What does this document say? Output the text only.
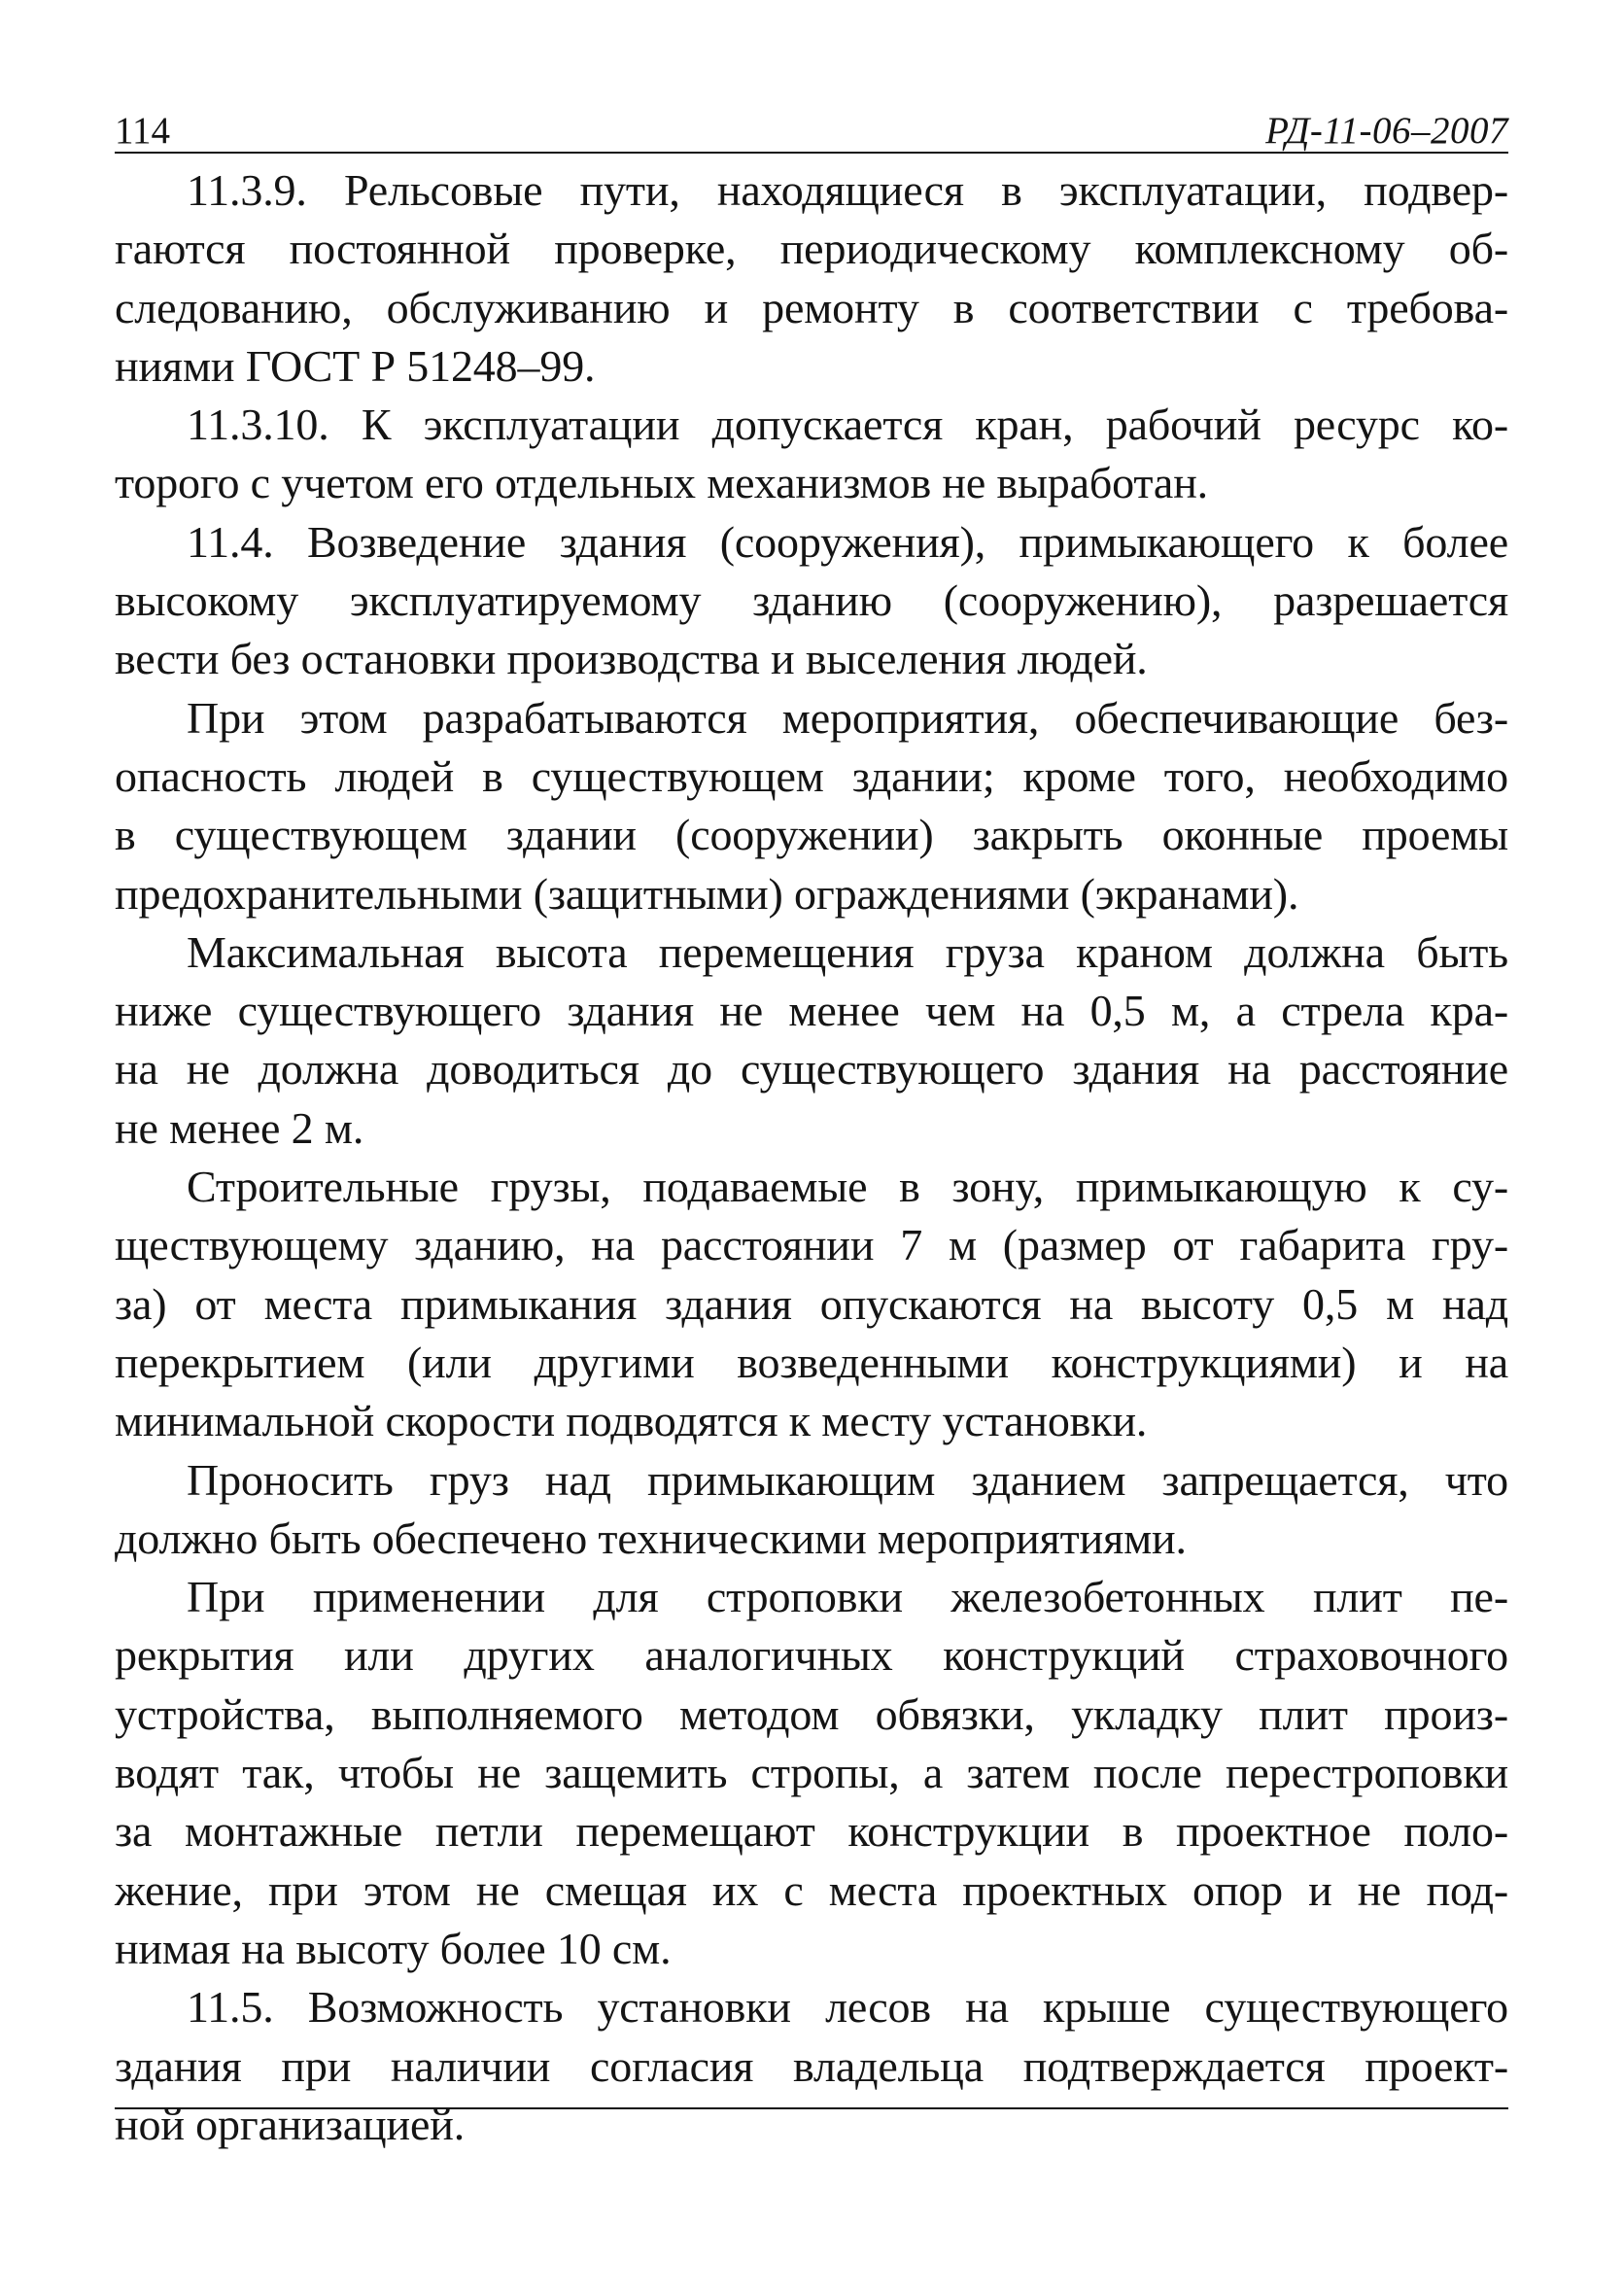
114	РД-11-06–2007

11.3.9. Рельсовые пути, находящиеся в эксплуатации, подвер-
гаются постоянной проверке, периодическому комплексному об-
следованию, обслуживанию и ремонту в соответствии с требова-
ниями ГОСТ Р 51248–99.

11.3.10. К эксплуатации допускается кран, рабочий ресурс ко-
торого с учетом его отдельных механизмов не выработан.

11.4. Возведение здания (сооружения), примыкающего к более
высокому эксплуатируемому зданию (сооружению), разрешается
вести без остановки производства и выселения людей.

При этом разрабатываются мероприятия, обеспечивающие без-
опасность людей в существующем здании; кроме того, необходимо
в существующем здании (сооружении) закрыть оконные проемы
предохранительными (защитными) ограждениями (экранами).

Максимальная высота перемещения груза краном должна быть
ниже существующего здания не менее чем на 0,5 м, а стрела кра-
на не должна доводиться до существующего здания на расстояние
не менее 2 м.

Строительные грузы, подаваемые в зону, примыкающую к су-
ществующему зданию, на расстоянии 7 м (размер от габарита гру-
за) от места примыкания здания опускаются на высоту 0,5 м над
перекрытием (или другими возведенными конструкциями) и на
минимальной скорости подводятся к месту установки.

Проносить груз над примыкающим зданием запрещается, что
должно быть обеспечено техническими мероприятиями.

При применении для строповки железобетонных плит пе-
рекрытия или других аналогичных конструкций страховочного
устройства, выполняемого методом обвязки, укладку плит произ-
водят так, чтобы не защемить стропы, а затем после перестроповки
за монтажные петли перемещают конструкции в проектное поло-
жение, при этом не смещая их с места проектных опор и не под-
нимая на высоту более 10 см.

11.5. Возможность установки лесов на крыше существующего
здания при наличии согласия владельца подтверждается проект-
ной организацией.
